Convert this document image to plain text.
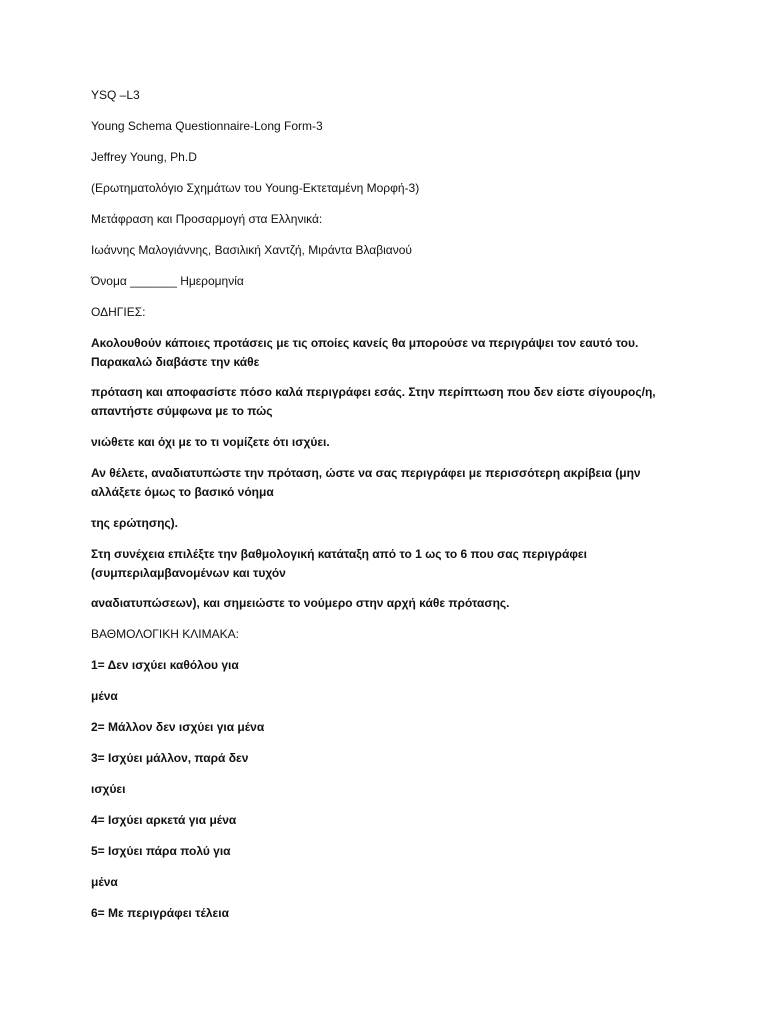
YSQ –L3

Young Schema Questionnaire-Long Form-3

Jeffrey Young, Ph.D

(Ερωτηματολόγιο Σχημάτων του Young-Εκτεταμένη Μορφή-3)

Μετάφραση και Προσαρμογή στα Ελληνικά:

Ιωάννης Μαλογιάννης, Βασιλική Χαντζή, Μιράντα Βλαβιανού

Όνομα _______ Ημερομηνία

ΟΔΗΓΙΕΣ:

Ακολουθούν κάποιες προτάσεις με τις οποίες κανείς θα μπορούσε να περιγράψει τον εαυτό του. Παρακαλώ διαβάστε την κάθε

πρόταση και αποφασίστε πόσο καλά περιγράφει εσάς. Στην περίπτωση που δεν είστε σίγουρος/η, απαντήστε σύμφωνα με το πώς

νιώθετε και όχι με το τι νομίζετε ότι ισχύει.

Αν θέλετε, αναδιατυπώστε την πρόταση, ώστε να σας περιγράφει με περισσότερη ακρίβεια (μην αλλάξετε όμως το βασικό νόημα

της ερώτησης).

Στη συνέχεια επιλέξτε την βαθμολογική κατάταξη από το 1 ως το 6 που σας περιγράφει (συμπεριλαμβανομένων και τυχόν

αναδιατυπώσεων), και σημειώστε το νούμερο στην αρχή κάθε πρότασης.

ΒΑΘΜΟΛΟΓΙΚΗ ΚΛΙΜΑΚΑ:

1= Δεν ισχύει καθόλου για

μένα

2= Μάλλον δεν ισχύει για μένα

3= Ισχύει μάλλον, παρά δεν

ισχύει

4= Ισχύει αρκετά για μένα

5= Ισχύει πάρα πολύ για

μένα

6= Με περιγράφει τέλεια
